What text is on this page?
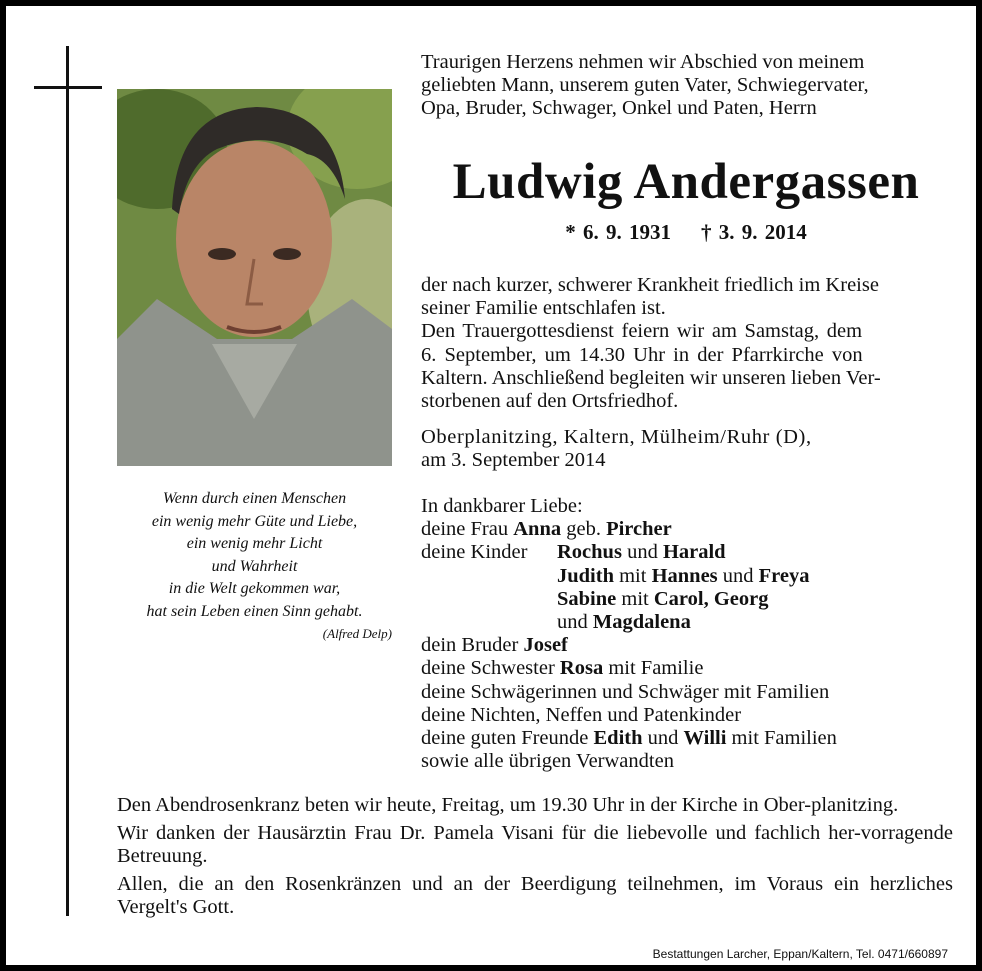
Traurigen Herzens nehmen wir Abschied von meinem
geliebten Mann, unserem guten Vater, Schwiegervater,
Opa, Bruder, Schwager, Onkel und Paten, Herrn
Ludwig Andergassen
* 6. 9. 1931 † 3. 9. 2014
der nach kurzer, schwerer Krankheit friedlich im Kreise
seiner Familie entschlafen ist.
Den Trauergottesdienst feiern wir am Samstag, dem
6. September, um 14.30 Uhr in der Pfarrkirche von
Kaltern. Anschließend begleiten wir unseren lieben Ver-
storbenen auf den Ortsfriedhof.
Oberplanitzing, Kaltern, Mülheim/Ruhr (D),
am 3. September 2014
In dankbarer Liebe:
deine Frau Anna geb. Pircher
deine Kinder Rochus und Harald
Judith mit Hannes und Freya
Sabine mit Carol, Georg
und Magdalena
dein Bruder Josef
deine Schwester Rosa mit Familie
deine Schwägerinnen und Schwäger mit Familien
deine Nichten, Neffen und Patenkinder
deine guten Freunde Edith und Willi mit Familien
sowie alle übrigen Verwandten
Wenn durch einen Menschen
ein wenig mehr Güte und Liebe,
ein wenig mehr Licht
und Wahrheit
in die Welt gekommen war,
hat sein Leben einen Sinn gehabt.
(Alfred Delp)

Den Abendrosenkranz beten wir heute, Freitag, um 19.30 Uhr in der Kirche in Ober-planitzing.

Wir danken der Hausärztin Frau Dr. Pamela Visani für die liebevolle und fachlich her-vorragende Betreuung.

Allen, die an den Rosenkränzen und an der Beerdigung teilnehmen, im Voraus ein herzliches Vergelt's Gott.

Bestattungen Larcher, Eppan/Kaltern, Tel. 0471/660897
